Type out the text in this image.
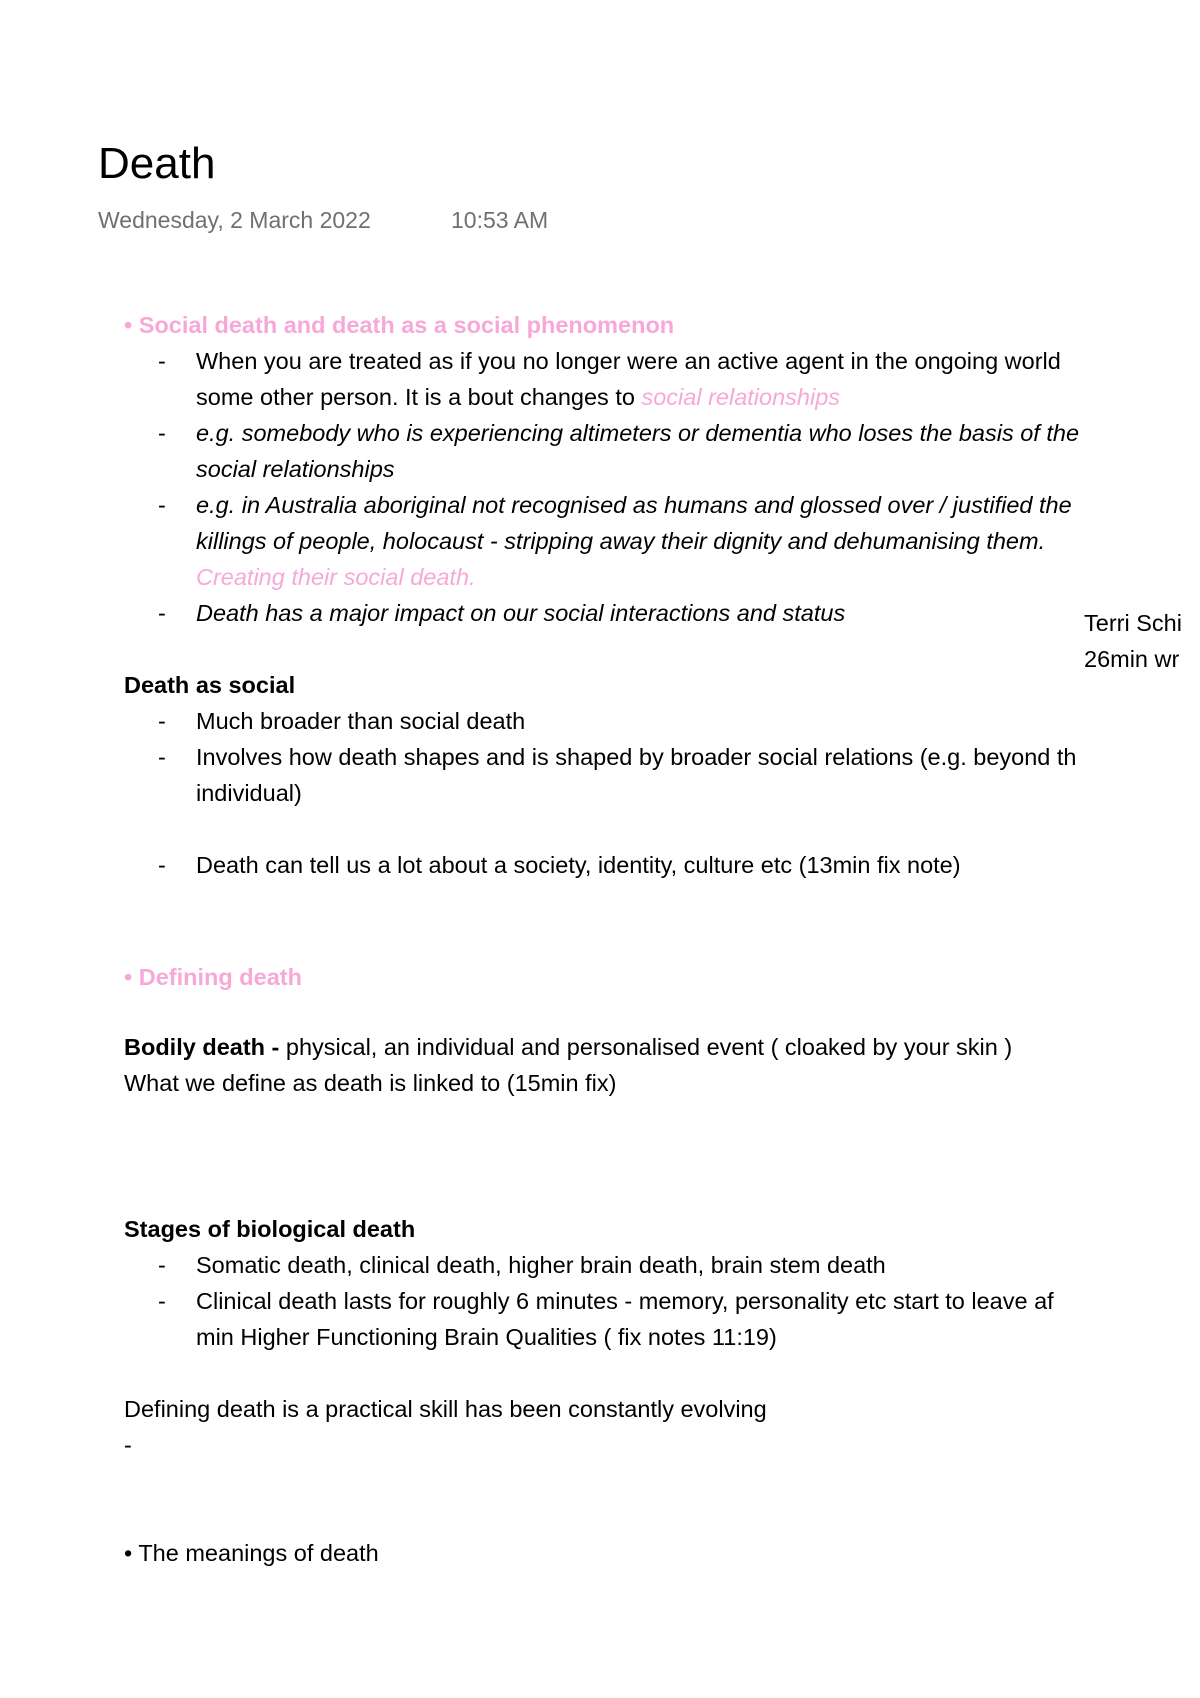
Death
Wednesday, 2 March 2022	10:53 AM
• Social death and death as a social phenomenon
- When you are treated as if you no longer were an active agent in the ongoing world
some other person. It is a bout changes to social relationships
- e.g. somebody who is experiencing altimeters or dementia who loses the basis of the
social relationships
- e.g. in Australia aboriginal not recognised as humans and glossed over / justified the
killings of people, holocaust - stripping away their dignity and dehumanising them.
Creating their social death.
- Death has a major impact on our social interactions and status	Terri Schi
26min wr
Death as social
- Much broader than social death
- Involves how death shapes and is shaped by broader social relations (e.g. beyond th
individual)
- Death can tell us a lot about a society, identity, culture etc (13min fix note)
• Defining death
Bodily death - physical, an individual and personalised event ( cloaked by your skin )
What we define as death is linked to (15min fix)
Stages of biological death
- Somatic death, clinical death, higher brain death, brain stem death
- Clinical death lasts for roughly 6 minutes - memory, personality etc start to leave af
min Higher Functioning Brain Qualities ( fix notes 11:19)
Defining death is a practical skill has been constantly evolving
-
• The meanings of death
